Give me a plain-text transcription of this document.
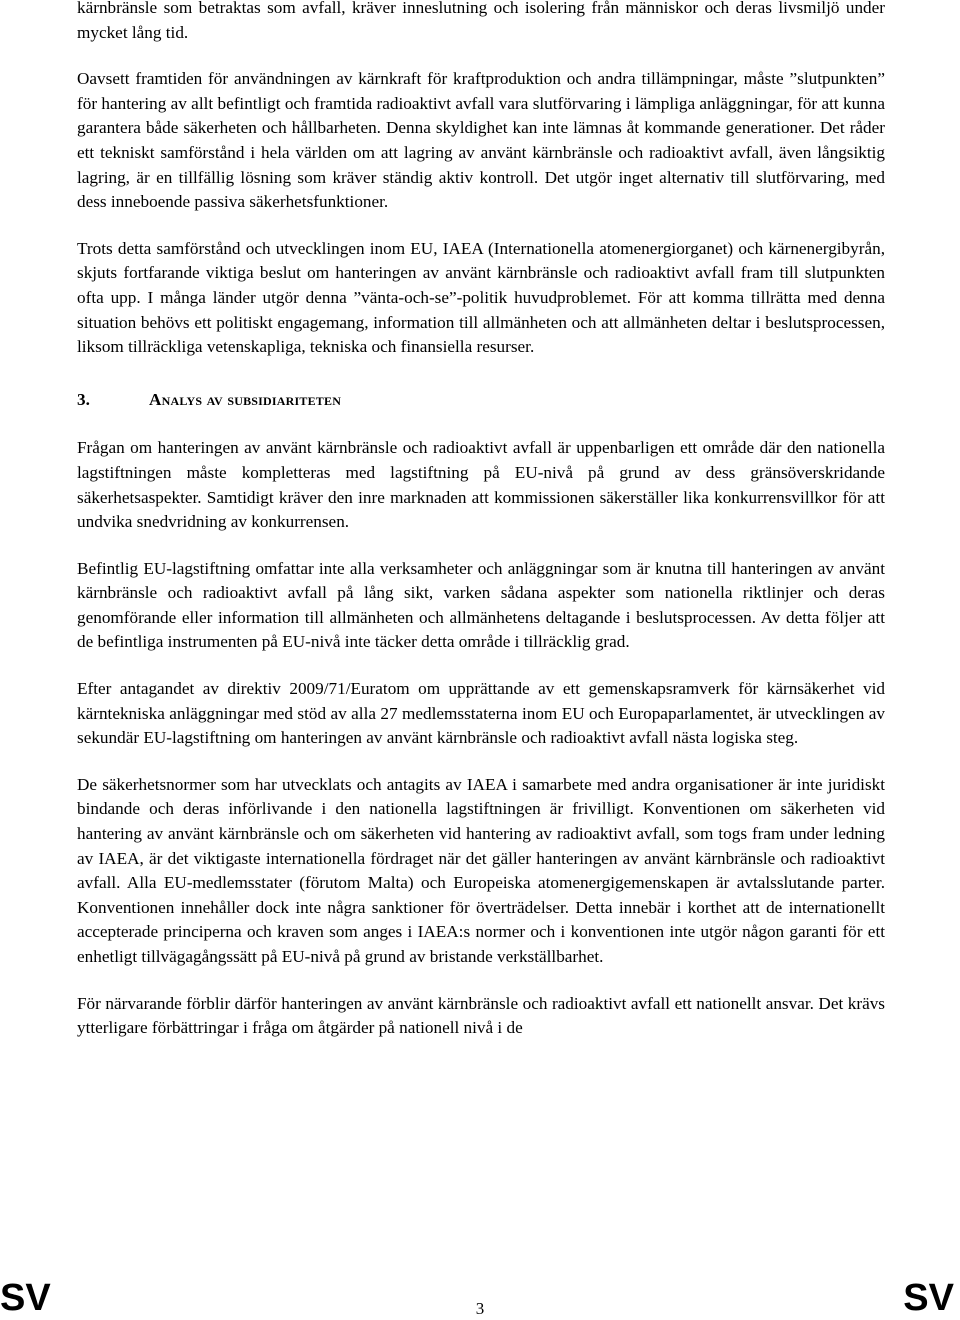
kärnbränsle som betraktas som avfall, kräver inneslutning och isolering från människor och deras livsmiljö under mycket lång tid.

Oavsett framtiden för användningen av kärnkraft för kraftproduktion och andra tillämpningar, måste ”slutpunkten” för hantering av allt befintligt och framtida radioaktivt avfall vara slutförvaring i lämpliga anläggningar, för att kunna garantera både säkerheten och hållbarheten. Denna skyldighet kan inte lämnas åt kommande generationer. Det råder ett tekniskt samförstånd i hela världen om att lagring av använt kärnbränsle och radioaktivt avfall, även långsiktig lagring, är en tillfällig lösning som kräver ständig aktiv kontroll. Det utgör inget alternativ till slutförvaring, med dess inneboende passiva säkerhetsfunktioner.

Trots detta samförstånd och utvecklingen inom EU, IAEA (Internationella atomenergiorganet) och kärnenergibyrån, skjuts fortfarande viktiga beslut om hanteringen av använt kärnbränsle och radioaktivt avfall fram till slutpunkten ofta upp. I många länder utgör denna ”vänta-och-se”-politik huvudproblemet. För att komma tillrätta med denna situation behövs ett politiskt engagemang, information till allmänheten och att allmänheten deltar i beslutsprocessen, liksom tillräckliga vetenskapliga, tekniska och finansiella resurser.

3.	Analys av subsidiariteten

Frågan om hanteringen av använt kärnbränsle och radioaktivt avfall är uppenbarligen ett område där den nationella lagstiftningen måste kompletteras med lagstiftning på EU-nivå på grund av dess gränsöverskridande säkerhetsaspekter. Samtidigt kräver den inre marknaden att kommissionen säkerställer lika konkurrensvillkor för att undvika snedvridning av konkurrensen.

Befintlig EU-lagstiftning omfattar inte alla verksamheter och anläggningar som är knutna till hanteringen av använt kärnbränsle och radioaktivt avfall på lång sikt, varken sådana aspekter som nationella riktlinjer och deras genomförande eller information till allmänheten och allmänhetens deltagande i beslutsprocessen. Av detta följer att de befintliga instrumenten på EU-nivå inte täcker detta område i tillräcklig grad.

Efter antagandet av direktiv 2009/71/Euratom om upprättande av ett gemenskapsramverk för kärnsäkerhet vid kärntekniska anläggningar med stöd av alla 27 medlemsstaterna inom EU och Europaparlamentet, är utvecklingen av sekundär EU-lagstiftning om hanteringen av använt kärnbränsle och radioaktivt avfall nästa logiska steg.

De säkerhetsnormer som har utvecklats och antagits av IAEA i samarbete med andra organisationer är inte juridiskt bindande och deras införlivande i den nationella lagstiftningen är frivilligt. Konventionen om säkerheten vid hantering av använt kärnbränsle och om säkerheten vid hantering av radioaktivt avfall, som togs fram under ledning av IAEA, är det viktigaste internationella fördraget när det gäller hanteringen av använt kärnbränsle och radioaktivt avfall. Alla EU-medlemsstater (förutom Malta) och Europeiska atomenergigemenskapen är avtalsslutande parter. Konventionen innehåller dock inte några sanktioner för överträdelser. Detta innebär i korthet att de internationellt accepterade principerna och kraven som anges i IAEA:s normer och i konventionen inte utgör någon garanti för ett enhetligt tillvägagångssätt på EU-nivå på grund av bristande verkställbarhet.

För närvarande förblir därför hanteringen av använt kärnbränsle och radioaktivt avfall ett nationellt ansvar. Det krävs ytterligare förbättringar i fråga om åtgärder på nationell nivå i de

SV	3	SV
